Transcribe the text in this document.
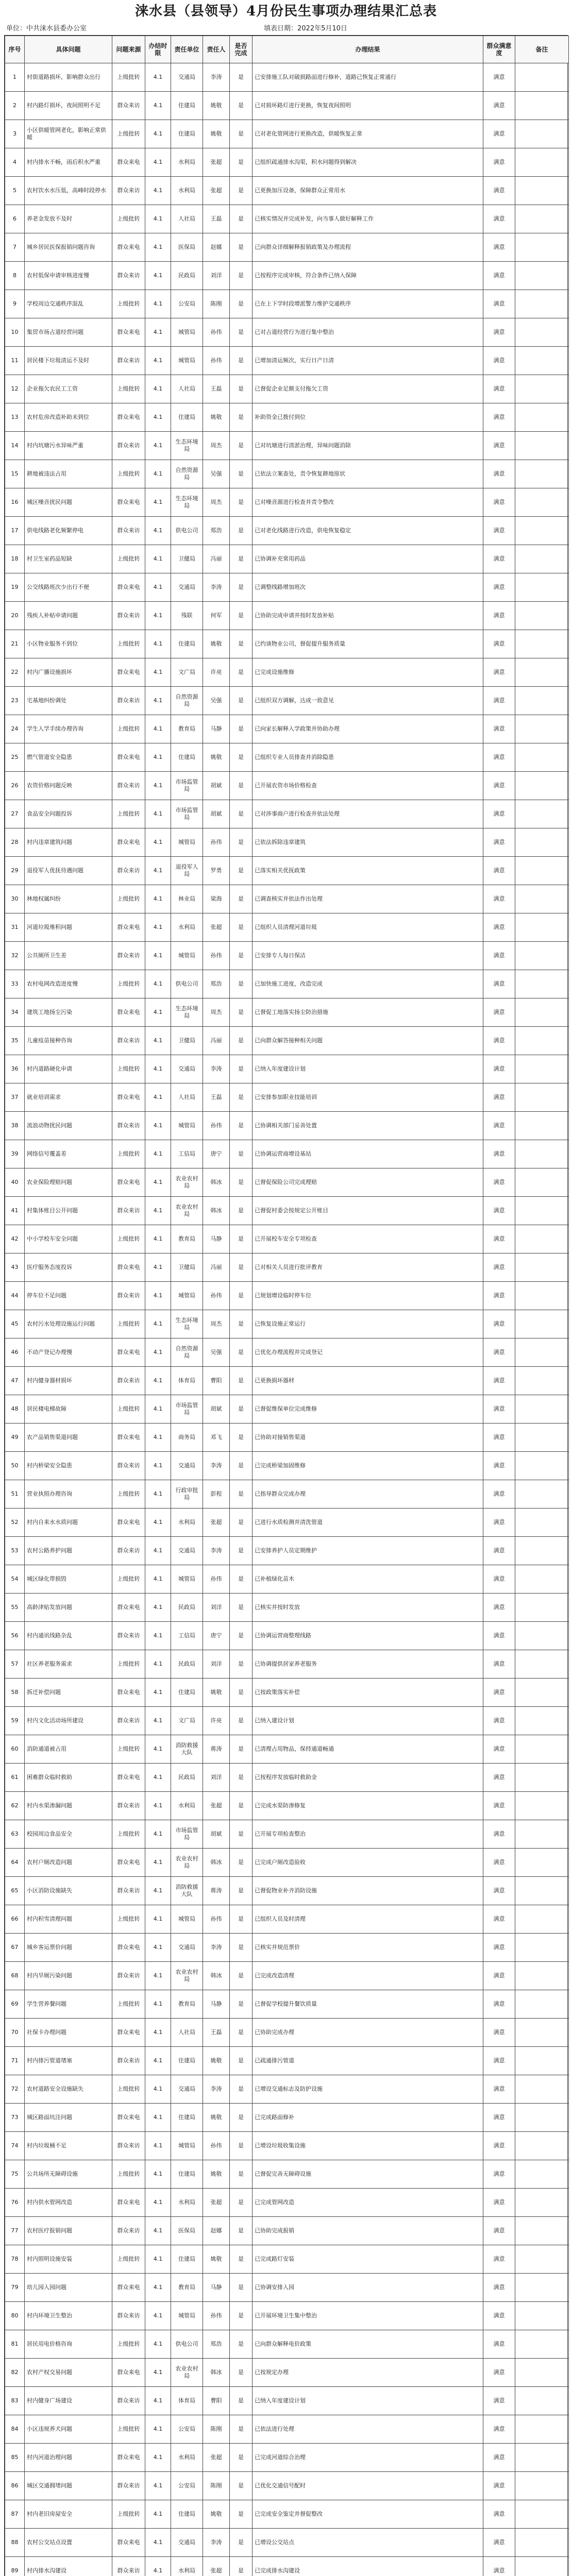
涞水县（县领导）4月份民生事项办理结果汇总表
单位：中共涞水县委办公室	填表日期：2022年5月10日
序号	具体问题	问题来源	办结时限	责任单位	责任人	是否完成	办理结果	群众满意度	备注
1	村街道路损坏，影响群众出行	上级批转	4.1	交通局	李涛	是	已安排施工队对破损路面进行修补，道路已恢复正常通行	满意	
2	村内路灯损坏，夜间照明不足	群众来访	4.1	住建局	姚敬	是	已对损坏路灯进行更换，恢复夜间照明	满意	
3	小区供暖管网老化，影响正常供暖	上级批转	4.1	住建局	姚敬	是	已对老化管网进行更换改造，供暖恢复正常	满意	
4	村内排水不畅，雨后积水严重	群众来电	4.1	水利局	张超	是	已组织疏通排水沟渠，积水问题得到解决	满意	
5	农村饮水水压低，高峰时段停水	群众来访	4.1	水利局	张超	是	已更换加压设备，保障群众正常用水	满意	
6	养老金发放不及时	上级批转	4.1	人社局	王磊	是	已核实情况并完成补发，向当事人做好解释工作	满意	
7	城乡居民医保报销问题咨询	群众来电	4.1	医保局	赵娜	是	已向群众详细解释报销政策及办理流程	满意	
8	农村低保申请审核进度慢	群众来访	4.1	民政局	刘洋	是	已按程序完成审核，符合条件已纳入保障	满意	
9	学校周边交通秩序混乱	上级批转	4.1	公安局	陈刚	是	已在上下学时段增派警力维护交通秩序	满意	
10	集贸市场占道经营问题	群众来电	4.1	城管局	孙伟	是	已对占道经营行为进行集中整治	满意	
11	居民楼下垃圾清运不及时	群众来访	4.1	城管局	孙伟	是	已增加清运频次，实行日产日清	满意	
12	企业拖欠农民工工资	上级批转	4.1	人社局	王磊	是	已督促企业足额支付拖欠工资	满意	
13	农村危房改造补助未到位	群众来电	4.1	住建局	姚敬	是	补助资金已拨付到位	满意	
14	村内坑塘污水异味严重	群众来访	4.1	生态环境局	周杰	是	已对坑塘进行清淤治理，异味问题消除	满意	
15	耕地被违法占用	上级批转	4.1	自然资源局	吴强	是	已依法立案查处，责令恢复耕地原状	满意	
16	城区噪音扰民问题	群众来电	4.1	生态环境局	周杰	是	已对噪音源进行检查并责令整改	满意	
17	供电线路老化频繁停电	群众来访	4.1	供电公司	郑浩	是	已对老化线路进行改造，供电恢复稳定	满意	
18	村卫生室药品短缺	上级批转	4.1	卫健局	冯丽	是	已协调补充常用药品	满意	
19	公交线路班次少出行不便	群众来电	4.1	交通局	李涛	是	已调整线路增加班次	满意	
20	残疾人补贴申请问题	群众来访	4.1	残联	何军	是	已协助完成申请并按时发放补贴	满意	
21	小区物业服务不到位	上级批转	4.1	住建局	姚敬	是	已约谈物业公司，督促提升服务质量	满意	
22	村内广播设施损坏	群众来电	4.1	文广局	许亮	是	已完成设施维修	满意	
23	宅基地纠纷调处	群众来访	4.1	自然资源局	吴强	是	已组织双方调解，达成一致意见	满意	
24	学生入学手续办理咨询	上级批转	4.1	教育局	马静	是	已向家长解释入学政策并协助办理	满意	
25	燃气管道安全隐患	群众来电	4.1	住建局	姚敬	是	已组织专业人员排查并消除隐患	满意	
26	农资价格问题反映	群众来访	4.1	市场监管局	胡斌	是	已开展农资市场价格检查	满意	
27	食品安全问题投诉	上级批转	4.1	市场监管局	胡斌	是	已对涉事商户进行检查并依法处理	满意	
28	村内违章建筑问题	群众来电	4.1	城管局	孙伟	是	已依法拆除违章建筑	满意	
29	退役军人优抚待遇问题	群众来访	4.1	退役军人局	罗勇	是	已落实相关优抚政策	满意	
30	林地权属纠纷	上级批转	4.1	林业局	梁海	是	已调查核实并依法作出处理	满意	
31	河道垃圾堆积问题	群众来电	4.1	水利局	张超	是	已组织人员清理河道垃圾	满意	
32	公共厕所卫生差	群众来访	4.1	城管局	孙伟	是	已安排专人每日保洁	满意	
33	农村电网改造进度慢	上级批转	4.1	供电公司	郑浩	是	已加快施工进度，改造完成	满意	
34	建筑工地扬尘污染	群众来电	4.1	生态环境局	周杰	是	已督促工地落实扬尘防治措施	满意	
35	儿童疫苗接种咨询	群众来访	4.1	卫健局	冯丽	是	已向群众解答接种相关问题	满意	
36	村内道路硬化申请	上级批转	4.1	交通局	李涛	是	已纳入年度建设计划	满意	
37	就业培训需求	群众来电	4.1	人社局	王磊	是	已安排参加职业技能培训	满意	
38	流浪动物扰民问题	群众来访	4.1	城管局	孙伟	是	已协调相关部门妥善处置	满意	
39	网络信号覆盖差	上级批转	4.1	工信局	唐宁	是	已协调运营商增设基站	满意	
40	农业保险理赔问题	群众来电	4.1	农业农村局	韩冰	是	已督促保险公司完成理赔	满意	
41	村集体账目公开问题	群众来访	4.1	农业农村局	韩冰	是	已督促村委会按规定公开账目	满意	
42	中小学校车安全问题	上级批转	4.1	教育局	马静	是	已开展校车安全专项检查	满意	
43	医疗服务态度投诉	群众来电	4.1	卫健局	冯丽	是	已对相关人员进行批评教育	满意	
44	停车位不足问题	群众来访	4.1	城管局	孙伟	是	已规划增设临时停车位	满意	
45	农村污水处理设施运行问题	上级批转	4.1	生态环境局	周杰	是	已恢复设施正常运行	满意	
46	不动产登记办理慢	群众来电	4.1	自然资源局	吴强	是	已优化办理流程并完成登记	满意	
47	村内健身器材损坏	群众来访	4.1	体育局	曹阳	是	已更换损坏器材	满意	
48	居民楼电梯故障	上级批转	4.1	市场监管局	胡斌	是	已督促维保单位完成维修	满意	
49	农产品销售渠道问题	群众来电	4.1	商务局	邓飞	是	已协助对接销售渠道	满意	
50	村内桥梁安全隐患	群众来访	4.1	交通局	李涛	是	已完成桥梁加固维修	满意	
51	营业执照办理咨询	上级批转	4.1	行政审批局	彭程	是	已指导群众完成办理	满意	
52	村内自来水水质问题	群众来电	4.1	水利局	张超	是	已进行水质检测并清洗管道	满意	
53	农村公路养护问题	群众来访	4.1	交通局	李涛	是	已安排养护人员定期维护	满意	
54	城区绿化带损毁	上级批转	4.1	城管局	孙伟	是	已补植绿化苗木	满意	
55	高龄津贴发放问题	群众来电	4.1	民政局	刘洋	是	已核实并按时发放	满意	
56	村内通讯线路杂乱	群众来访	4.1	工信局	唐宁	是	已协调运营商整理线路	满意	
57	社区养老服务需求	上级批转	4.1	民政局	刘洋	是	已协调提供居家养老服务	满意	
58	拆迁补偿问题	群众来电	4.1	住建局	姚敬	是	已按政策落实补偿	满意	
59	村内文化活动场所建设	群众来访	4.1	文广局	许亮	是	已纳入建设计划	满意	
60	消防通道被占用	上级批转	4.1	消防救援大队	蒋涛	是	已清理占用物品，保持通道畅通	满意	
61	困难群众临时救助	群众来电	4.1	民政局	刘洋	是	已按程序发放临时救助金	满意	
62	村内水渠渗漏问题	群众来访	4.1	水利局	张超	是	已完成水渠防渗修复	满意	
63	校园周边食品安全	上级批转	4.1	市场监管局	胡斌	是	已开展专项检查整治	满意	
64	农村户厕改造问题	群众来电	4.1	农业农村局	韩冰	是	已完成户厕改造验收	满意	
65	小区消防设施缺失	群众来访	4.1	消防救援大队	蒋涛	是	已督促物业补齐消防设施	满意	
66	村内积雪清理问题	上级批转	4.1	城管局	孙伟	是	已组织人员及时清理	满意	
67	城乡客运票价问题	群众来电	4.1	交通局	李涛	是	已核实并规范票价	满意	
68	村内旱厕污染问题	群众来访	4.1	农业农村局	韩冰	是	已完成改造清理	满意	
69	学生营养餐问题	上级批转	4.1	教育局	马静	是	已督促学校提升餐饮质量	满意	
70	社保卡办理问题	群众来电	4.1	人社局	王磊	是	已协助完成办理	满意	
71	村内排污管道堵塞	群众来访	4.1	住建局	姚敬	是	已疏通排污管道	满意	
72	农村道路安全设施缺失	上级批转	4.1	交通局	李涛	是	已增设交通标志及防护设施	满意	
73	城区路面坑洼问题	群众来电	4.1	住建局	姚敬	是	已完成路面修补	满意	
74	村内垃圾桶不足	群众来访	4.1	城管局	孙伟	是	已增设垃圾收集设施	满意	
75	公共场所无障碍设施	上级批转	4.1	住建局	姚敬	是	已督促完善无障碍设施	满意	
76	村内供水管网改造	群众来电	4.1	水利局	张超	是	已完成管网改造	满意	
77	农村医疗报销问题	群众来访	4.1	医保局	赵娜	是	已协助完成报销	满意	
78	村内照明设施安装	上级批转	4.1	住建局	姚敬	是	已完成路灯安装	满意	
79	幼儿园入园问题	群众来电	4.1	教育局	马静	是	已协调安排入园	满意	
80	村内环境卫生整治	群众来访	4.1	城管局	孙伟	是	已开展环境卫生集中整治	满意	
81	居民用电价格咨询	上级批转	4.1	供电公司	郑浩	是	已向群众解释电价政策	满意	
82	农村产权交易问题	群众来电	4.1	农业农村局	韩冰	是	已按规定办理	满意	
83	村内健身广场建设	群众来访	4.1	体育局	曹阳	是	已纳入年度建设计划	满意	
84	小区违规养犬问题	上级批转	4.1	公安局	陈刚	是	已依法进行处理	满意	
85	村内河道治理问题	群众来电	4.1	水利局	张超	是	已完成河道综合治理	满意	
86	城区交通拥堵问题	群众来访	4.1	公安局	陈刚	是	已优化交通信号配时	满意	
87	村内老旧房屋安全	上级批转	4.1	住建局	姚敬	是	已完成安全鉴定并督促整改	满意	
88	农村公交站点设置	群众来电	4.1	交通局	李涛	是	已增设公交站点	满意	
89	村内排水沟建设	群众来访	4.1	水利局	张超	是	已完成排水沟建设	满意	
